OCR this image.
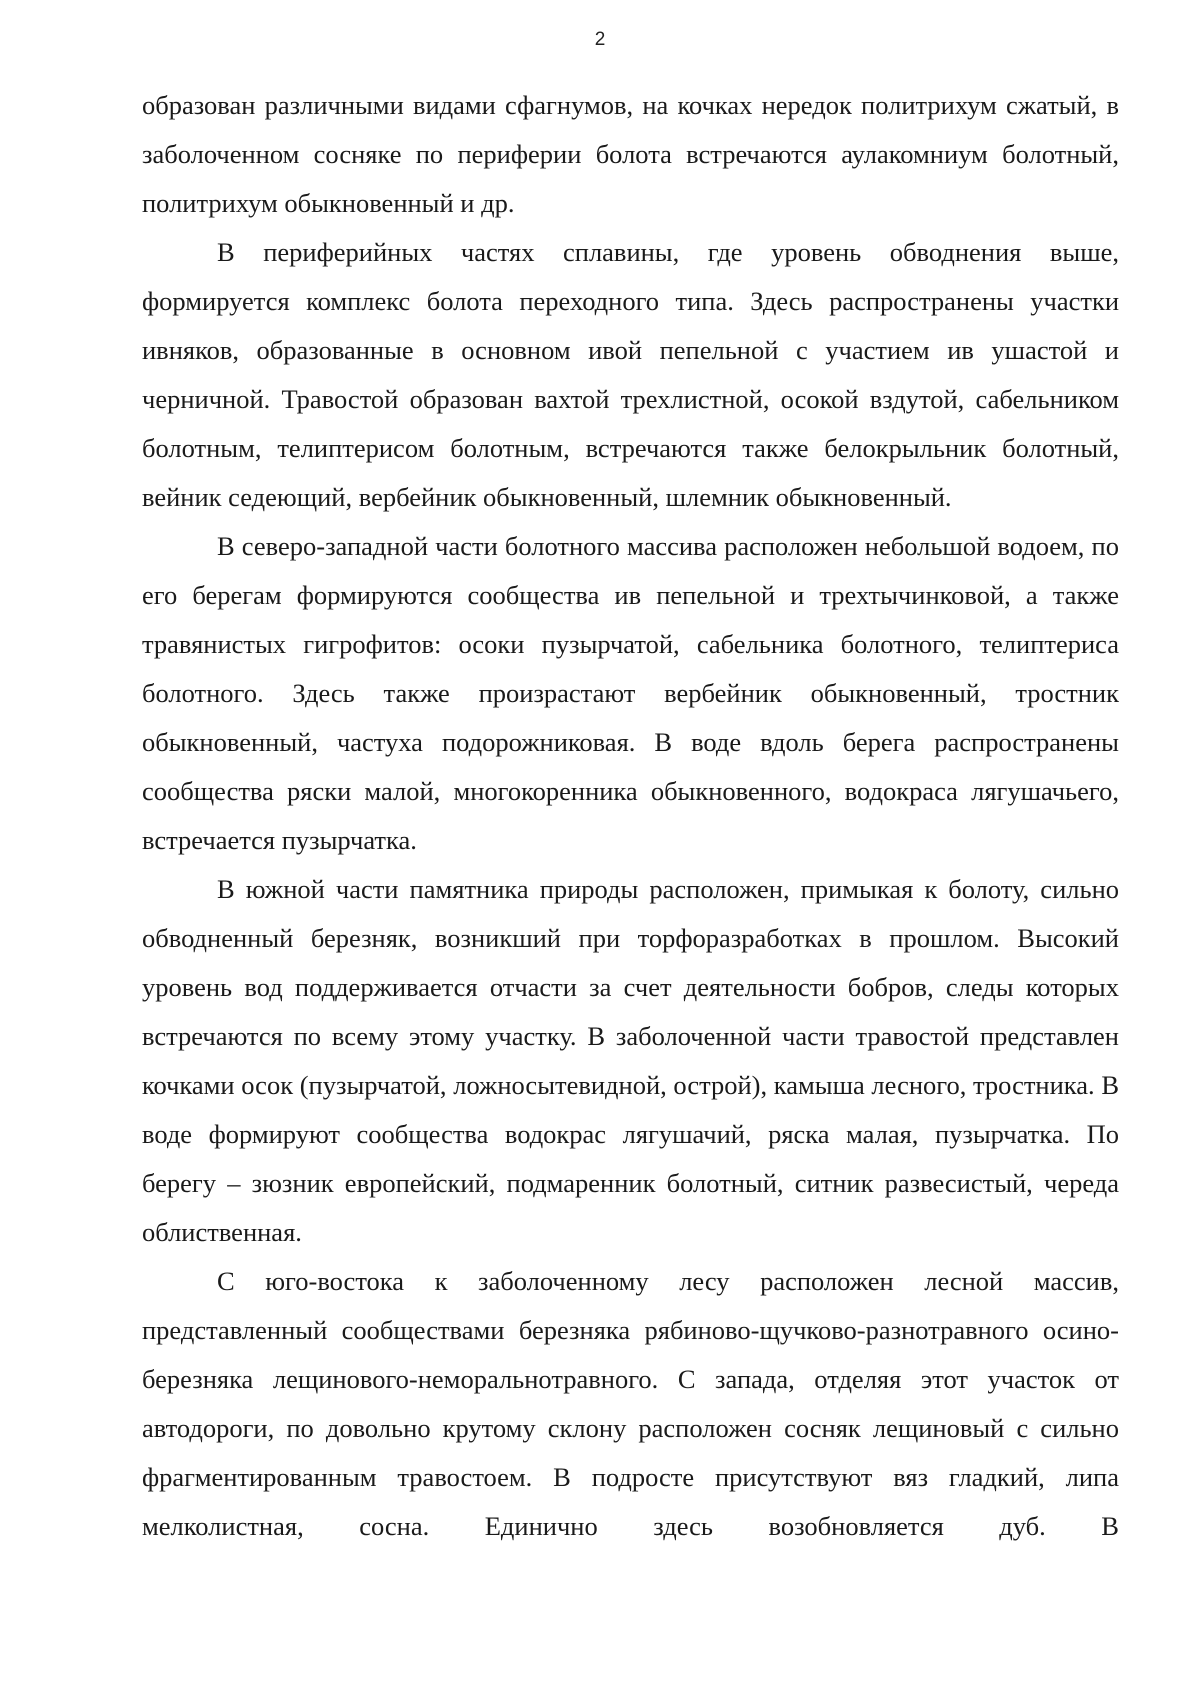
2

образован различными видами сфагнумов, на кочках нередок политрихум сжатый, в заболоченном сосняке по периферии болота встречаются аулакомниум болотный, политрихум обыкновенный и др.

В периферийных частях сплавины, где уровень обводнения выше, формируется комплекс болота переходного типа. Здесь распространены участки ивняков, образованные в основном ивой пепельной с участием ив ушастой и черничной. Травостой образован вахтой трехлистной, осокой вздутой, сабельником болотным, телиптерисом болотным, встречаются также белокрыльник болотный, вейник седеющий, вербейник обыкновенный, шлемник обыкновенный.

В северо-западной части болотного массива расположен небольшой водоем, по его берегам формируются сообщества ив пепельной и трехтычинковой, а также травянистых гигрофитов: осоки пузырчатой, сабельника болотного, телиптериса болотного. Здесь также произрастают вербейник обыкновенный, тростник обыкновенный, частуха подорожниковая. В воде вдоль берега распространены сообщества ряски малой, многокоренника обыкновенного, водокраса лягушачьего, встречается пузырчатка.

В южной части памятника природы расположен, примыкая к болоту, сильно обводненный березняк, возникший при торфоразработках в прошлом. Высокий уровень вод поддерживается отчасти за счет деятельности бобров, следы которых встречаются по всему этому участку. В заболоченной части травостой представлен кочками осок (пузырчатой, ложносытевидной, острой), камыша лесного, тростника. В воде формируют сообщества водокрас лягушачий, ряска малая, пузырчатка. По берегу – зюзник европейский, подмаренник болотный, ситник развесистый, череда облиственная.

С юго-востока к заболоченному лесу расположен лесной массив, представленный сообществами березняка рябиново-щучково-разнотравного осино-березняка лещинового-неморальнотравного. С запада, отделяя этот участок от автодороги, по довольно крутому склону расположен сосняк лещиновый с сильно фрагментированным травостоем. В подросте присутствуют вяз гладкий, липа мелколистная, сосна. Единично здесь возобновляется дуб. В
